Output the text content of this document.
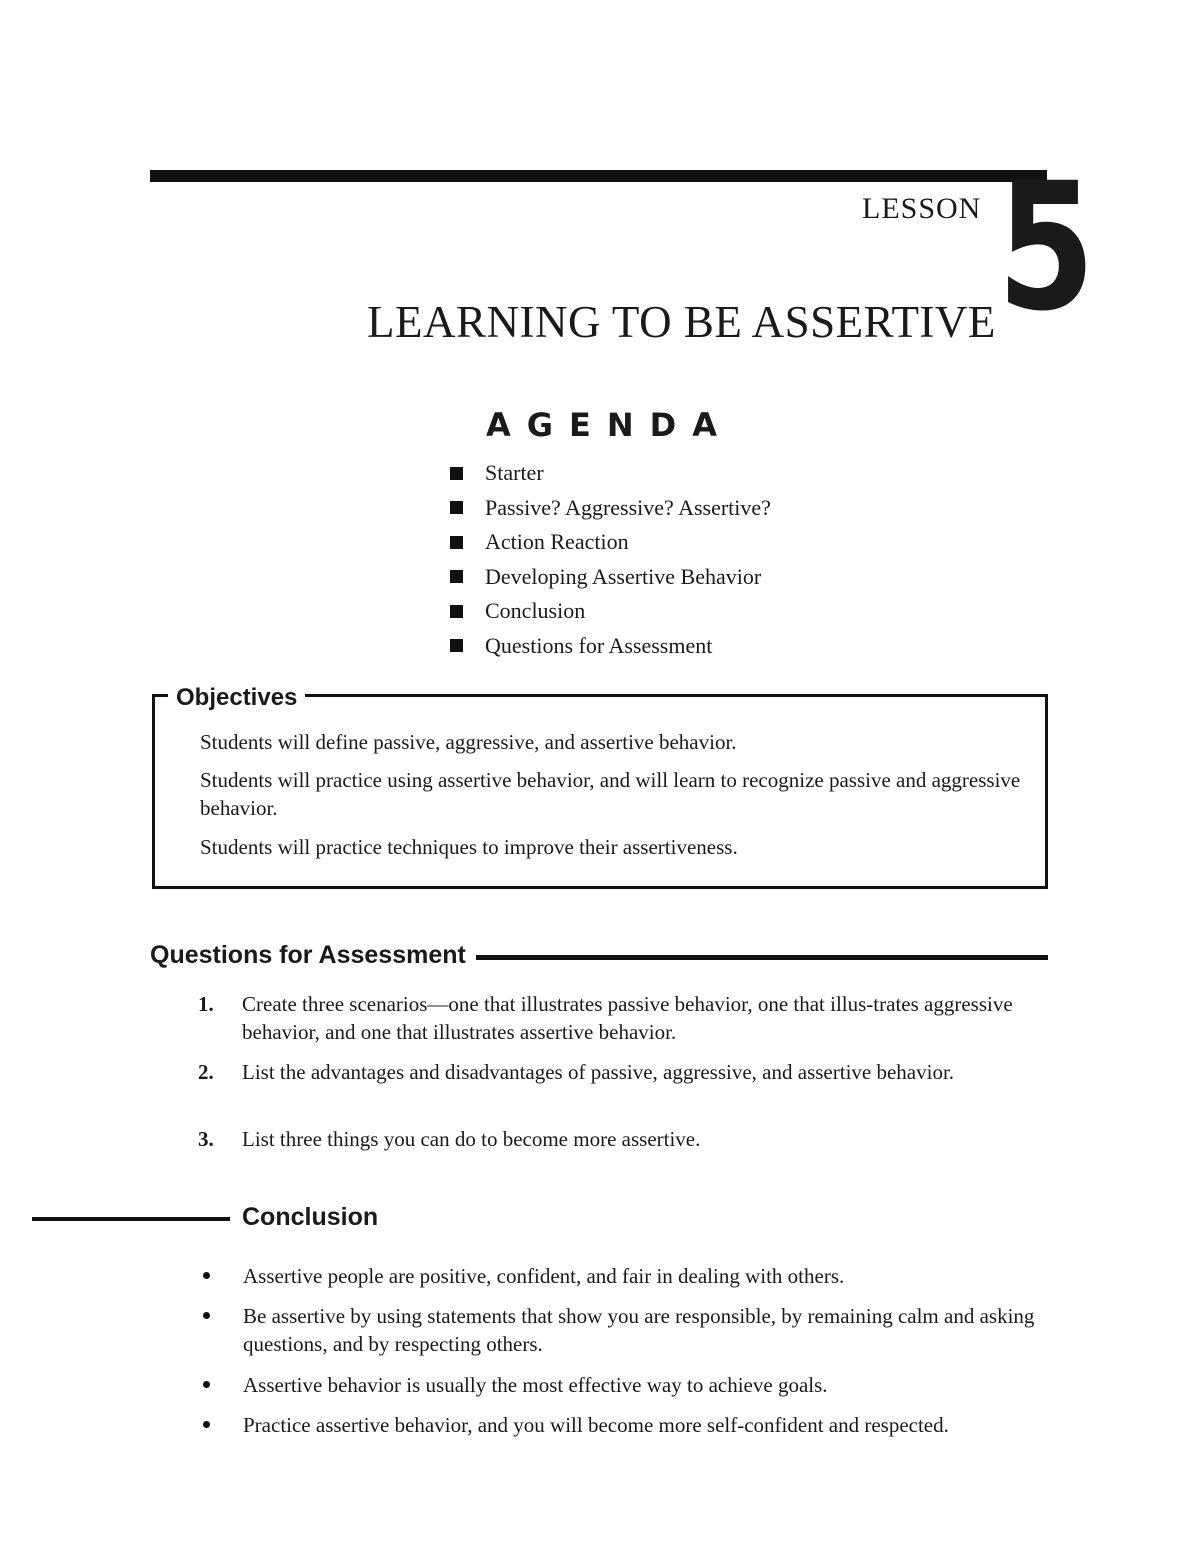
LESSON 5
LEARNING TO BE ASSERTIVE
AGENDA
Starter
Passive? Aggressive? Assertive?
Action Reaction
Developing Assertive Behavior
Conclusion
Questions for Assessment
Objectives
Students will define passive, aggressive, and assertive behavior.
Students will practice using assertive behavior, and will learn to recognize passive and aggressive behavior.
Students will practice techniques to improve their assertiveness.
Questions for Assessment
1.	Create three scenarios—one that illustrates passive behavior, one that illus-trates aggressive behavior, and one that illustrates assertive behavior.
2.	List the advantages and disadvantages of passive, aggressive, and assertive behavior.
3.	List three things you can do to become more assertive.
Conclusion
Assertive people are positive, confident, and fair in dealing with others.
Be assertive by using statements that show you are responsible, by remaining calm and asking questions, and by respecting others.
Assertive behavior is usually the most effective way to achieve goals.
Practice assertive behavior, and you will become more self-confident and respected.
